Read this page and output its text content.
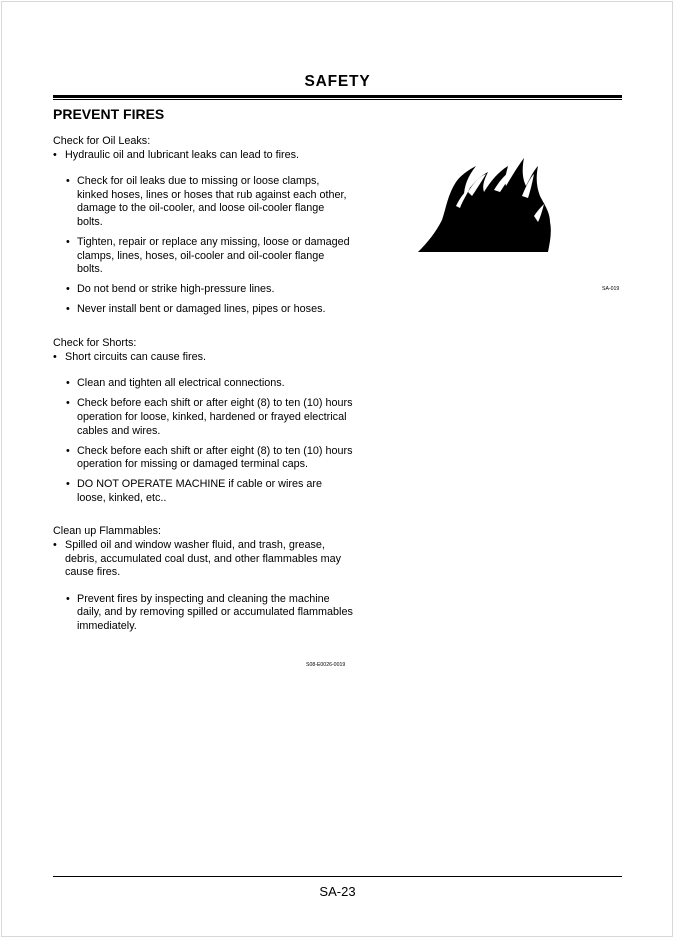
SAFETY
PREVENT FIRES

Check for Oil Leaks:

• Hydraulic oil and lubricant leaks can lead to fires.
• Check for oil leaks due to missing or loose clamps, kinked hoses, lines or hoses that rub against each other, damage to the oil-cooler, and loose oil-cooler flange bolts.
• Tighten, repair or replace any missing, loose or damaged clamps, lines, hoses, oil-cooler and oil-cooler flange bolts.
• Do not bend or strike high-pressure lines.
• Never install bent or damaged lines, pipes or hoses.

Check for Shorts:

• Short circuits can cause fires.
• Clean and tighten all electrical connections.
• Check before each shift or after eight (8) to ten (10) hours operation for loose, kinked, hardened or frayed electrical cables and wires.
• Check before each shift or after eight (8) to ten (10) hours operation for missing or damaged terminal caps.
• DO NOT OPERATE MACHINE if cable or wires are loose, kinked, etc..

Clean up Flammables:

• Spilled oil and window washer fluid, and trash, grease, debris, accumulated coal dust, and other flammables may cause fires.
• Prevent fires by inspecting and cleaning the machine daily, and by removing spilled or accumulated flammables immediately.
S08-E0026-0019
SA-019
SA-23
